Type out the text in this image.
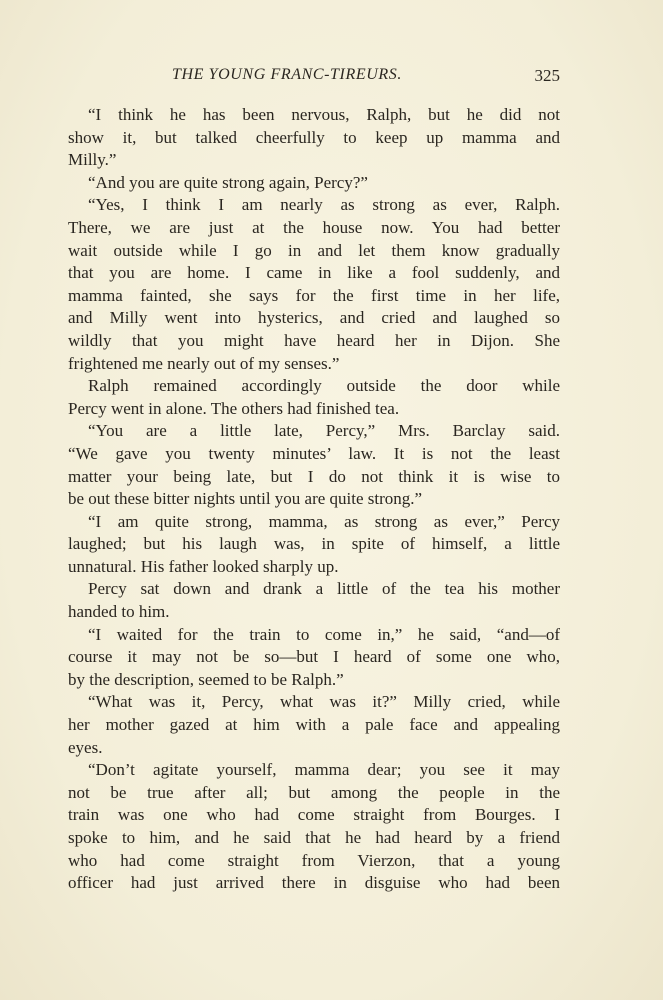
THE YOUNG FRANC-TIREURS.	325
“I think he has been nervous, Ralph, but he did not
show it, but talked cheerfully to keep up mamma and
Milly.”
“And you are quite strong again, Percy?”
“Yes, I think I am nearly as strong as ever, Ralph.
There, we are just at the house now. You had better
wait outside while I go in and let them know gradually
that you are home. I came in like a fool suddenly, and
mamma fainted, she says for the first time in her life,
and Milly went into hysterics, and cried and laughed so
wildly that you might have heard her in Dijon. She
frightened me nearly out of my senses.”
Ralph remained accordingly outside the door while
Percy went in alone. The others had finished tea.
“You are a little late, Percy,” Mrs. Barclay said.
“We gave you twenty minutes’ law. It is not the least
matter your being late, but I do not think it is wise to
be out these bitter nights until you are quite strong.”
“I am quite strong, mamma, as strong as ever,” Percy
laughed; but his laugh was, in spite of himself, a little
unnatural. His father looked sharply up.
Percy sat down and drank a little of the tea his mother
handed to him.
“I waited for the train to come in,” he said, “and—of
course it may not be so—but I heard of some one who,
by the description, seemed to be Ralph.”
“What was it, Percy, what was it?” Milly cried, while
her mother gazed at him with a pale face and appealing
eyes.
“Don’t agitate yourself, mamma dear; you see it may
not be true after all; but among the people in the
train was one who had come straight from Bourges. I
spoke to him, and he said that he had heard by a friend
who had come straight from Vierzon, that a young
officer had just arrived there in disguise who had been
